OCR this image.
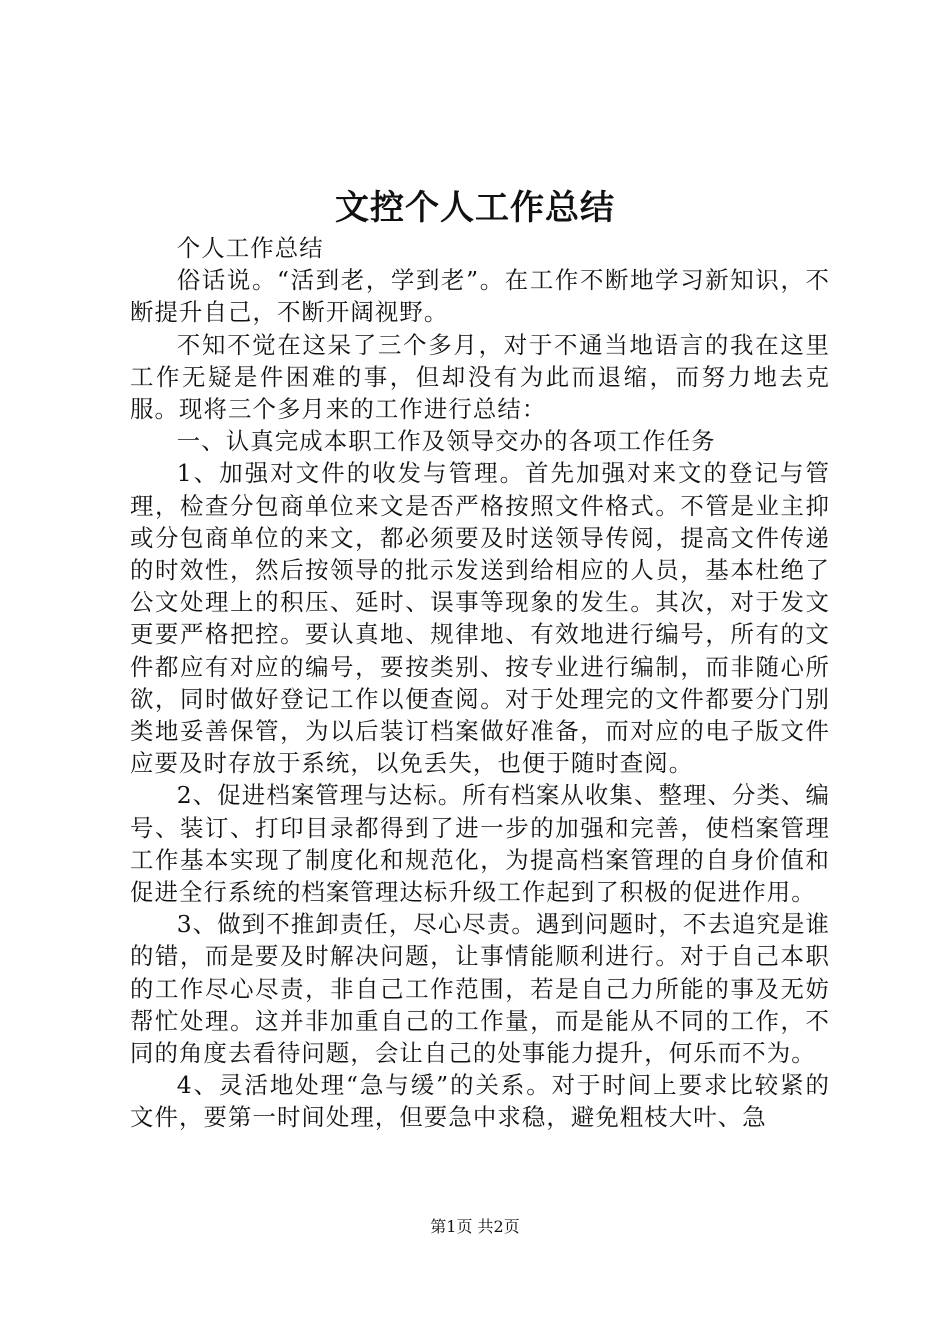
文控个人工作总结

个人工作总结

俗话说。“活到老，学到老”。在工作不断地学习新知识，不断提升自己，不断开阔视野。

不知不觉在这呆了三个多月，对于不通当地语言的我在这里工作无疑是件困难的事，但却没有为此而退缩，而努力地去克服。现将三个多月来的工作进行总结：

一、认真完成本职工作及领导交办的各项工作任务

1、加强对文件的收发与管理。首先加强对来文的登记与管理，检查分包商单位来文是否严格按照文件格式。不管是业主抑或分包商单位的来文，都必须要及时送领导传阅，提高文件传递的时效性，然后按领导的批示发送到给相应的人员，基本杜绝了公文处理上的积压、延时、误事等现象的发生。其次，对于发文更要严格把控。要认真地、规律地、有效地进行编号，所有的文件都应有对应的编号，要按类别、按专业进行编制，而非随心所欲，同时做好登记工作以便查阅。对于处理完的文件都要分门别类地妥善保管，为以后装订档案做好准备，而对应的电子版文件应要及时存放于系统，以免丢失，也便于随时查阅。

2、促进档案管理与达标。所有档案从收集、整理、分类、编号、装订、打印目录都得到了进一步的加强和完善，使档案管理工作基本实现了制度化和规范化，为提高档案管理的自身价值和促进全行系统的档案管理达标升级工作起到了积极的促进作用。

3、做到不推卸责任，尽心尽责。遇到问题时，不去追究是谁的错，而是要及时解决问题，让事情能顺利进行。对于自己本职的工作尽心尽责，非自己工作范围，若是自己力所能的事及无妨帮忙处理。这并非加重自己的工作量，而是能从不同的工作，不同的角度去看待问题，会让自己的处事能力提升，何乐而不为。

4、灵活地处理“急与缓”的关系。对于时间上要求比较紧的文件，要第一时间处理，但要急中求稳，避免粗枝大叶、急

第1页 共2页
